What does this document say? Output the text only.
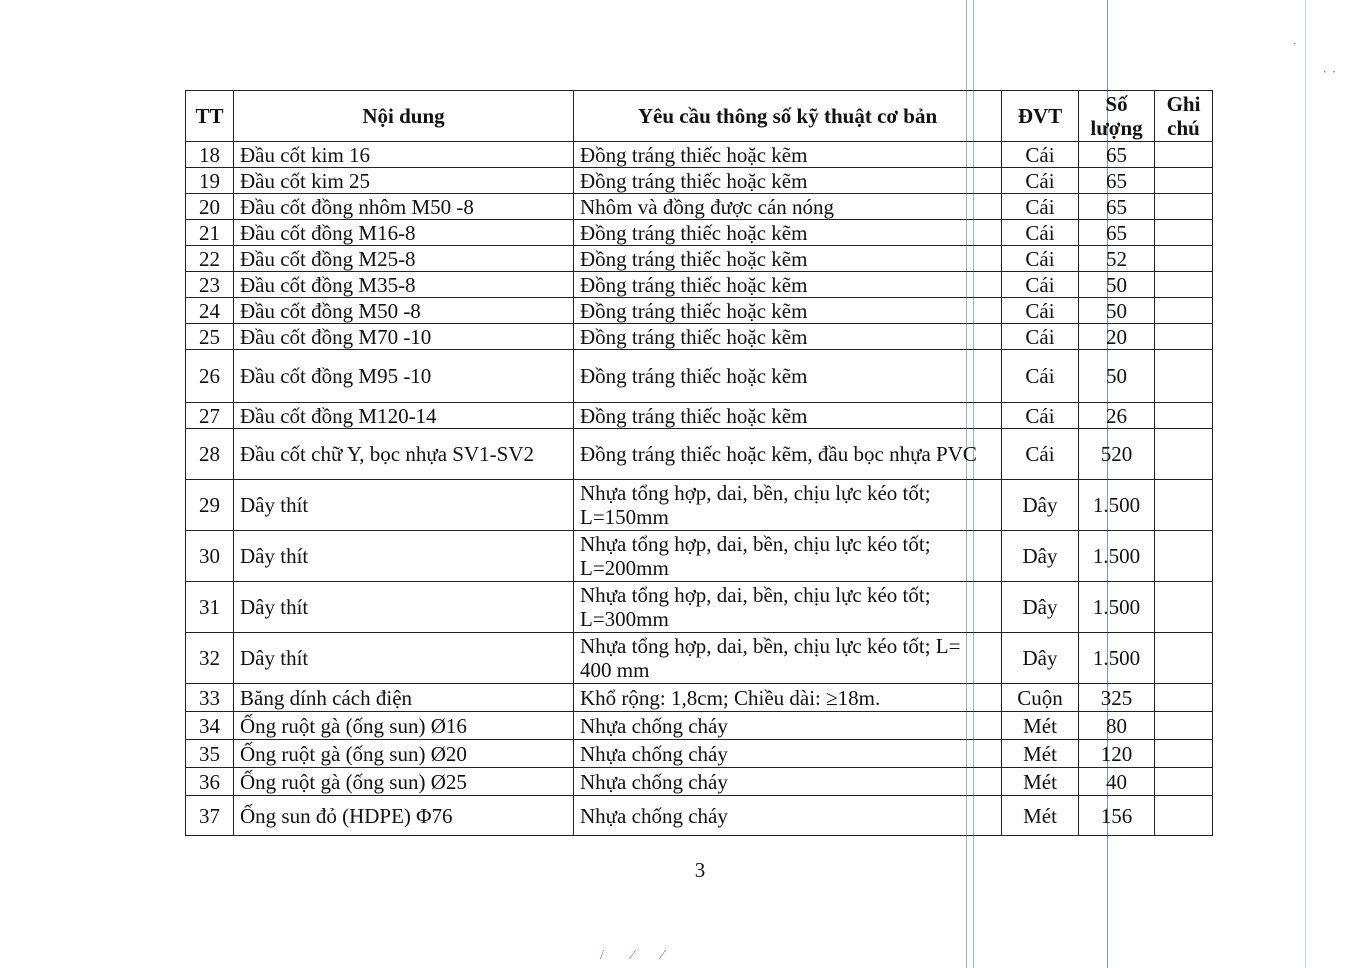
·
· ·
TT	Nội dung	Yêu cầu thông số kỹ thuật cơ bản	ĐVT	Số lượng	Ghi chú
18	Đầu cốt kim 16	Đồng tráng thiếc hoặc kẽm	Cái	65	
19	Đầu cốt kim 25	Đồng tráng thiếc hoặc kẽm	Cái	65	
20	Đầu cốt đồng nhôm M50 -8	Nhôm và đồng được cán nóng	Cái	65	
21	Đầu cốt đồng M16-8	Đồng tráng thiếc hoặc kẽm	Cái	65	
22	Đầu cốt đồng M25-8	Đồng tráng thiếc hoặc kẽm	Cái	52	
23	Đầu cốt đồng M35-8	Đồng tráng thiếc hoặc kẽm	Cái	50	
24	Đầu cốt đồng M50 -8	Đồng tráng thiếc hoặc kẽm	Cái	50	
25	Đầu cốt đồng M70 -10	Đồng tráng thiếc hoặc kẽm	Cái	20	
26	Đầu cốt đồng M95 -10	Đồng tráng thiếc hoặc kẽm	Cái	50	
27	Đầu cốt đồng M120-14	Đồng tráng thiếc hoặc kẽm	Cái	26	
28	Đầu cốt chữ Y, bọc nhựa SV1-SV2	Đồng tráng thiếc hoặc kẽm, đầu bọc nhựa PVC	Cái	520	
29	Dây thít	Nhựa tổng hợp, dai, bền, chịu lực kéo tốt; L=150mm	Dây	1.500	
30	Dây thít	Nhựa tổng hợp, dai, bền, chịu lực kéo tốt; L=200mm	Dây	1.500	
31	Dây thít	Nhựa tổng hợp, dai, bền, chịu lực kéo tốt; L=300mm	Dây	1.500	
32	Dây thít	Nhựa tổng hợp, dai, bền, chịu lực kéo tốt; L= 400 mm	Dây	1.500	
33	Băng dính cách điện	Khổ rộng: 1,8cm; Chiều dài: ≥18m.	Cuộn	325	
34	Ống ruột gà (ống sun) Ø16	Nhựa chống cháy	Mét	80	
35	Ống ruột gà (ống sun) Ø20	Nhựa chống cháy	Mét	120	
36	Ống ruột gà (ống sun) Ø25	Nhựa chống cháy	Mét	40	
37	Ống sun đỏ (HDPE) Φ76	Nhựa chống cháy	Mét	156	
3
/ ⁄ ∕
